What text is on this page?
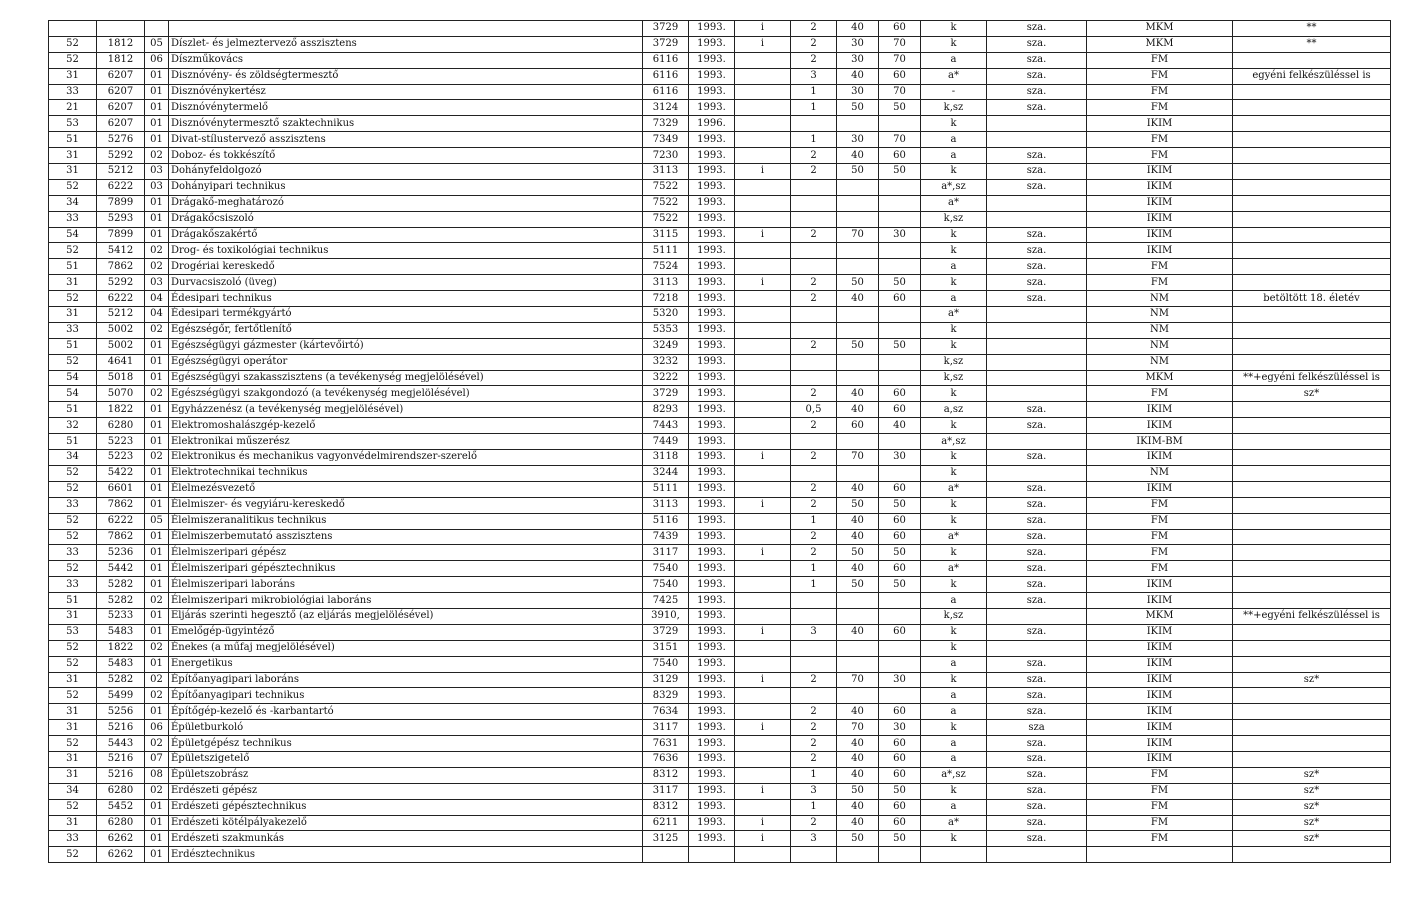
				3729	1993.	i	2	40	60	k	sza.	MKM	**
52	1812	05	Díszlet- és jelmeztervező asszisztens	3729	1993.	i	2	30	70	k	sza.	MKM	**
52	1812	06	Díszműkovács	6116	1993.		2	30	70	a	sza.	FM	
31	6207	01	Disznóvény- és zöldségtermesztő	6116	1993.		3	40	60	a*	sza.	FM	egyéni felkészüléssel is
33	6207	01	Disznóvénykertész	6116	1993.		1	30	70	-	sza.	FM	
21	6207	01	Disznóvénytermelő	3124	1993.		1	50	50	k,sz	sza.	FM	
53	6207	01	Disznóvénytermesztő szaktechnikus	7329	1996.					k		IKIM	
51	5276	01	Divat-stílustervező asszisztens	7349	1993.		1	30	70	a		FM	
31	5292	02	Doboz- és tokkészítő	7230	1993.		2	40	60	a	sza.	FM	
31	5212	03	Dohányfeldolgozó	3113	1993.	i	2	50	50	k	sza.	IKIM	
52	6222	03	Dohányipari technikus	7522	1993.					a*,sz	sza.	IKIM	
34	7899	01	Drágakő-meghatározó	7522	1993.					a*		IKIM	
33	5293	01	Drágakőcsiszoló	7522	1993.					k,sz		IKIM	
54	7899	01	Drágakőszakértő	3115	1993.	i	2	70	30	k	sza.	IKIM	
52	5412	02	Drog- és toxikológiai technikus	5111	1993.					k	sza.	IKIM	
51	7862	02	Drogériai kereskedő	7524	1993.					a	sza.	FM	
31	5292	03	Durvacsiszoló (üveg)	3113	1993.	i	2	50	50	k	sza.	FM	
52	6222	04	Édesipari technikus	7218	1993.		2	40	60	a	sza.	NM	betöltött 18. életév
31	5212	04	Édesipari termékgyártó	5320	1993.					a*		NM	
33	5002	02	Egészségőr, fertőtlenítő	5353	1993.					k		NM	
51	5002	01	Egészségügyi gázmester (kártevőirtó)	3249	1993.		2	50	50	k		NM	
52	4641	01	Egészségügyi operátor	3232	1993.					k,sz		NM	
54	5018	01	Egészségügyi szakasszisztens (a tevékenység megjelölésével)	3222	1993.					k,sz		MKM	**+egyéni felkészüléssel is
54	5070	02	Egészségügyi szakgondozó (a tevékenység megjelölésével)	3729	1993.		2	40	60	k		FM	sz*
51	1822	01	Egyházzenész (a tevékenység megjelölésével)	8293	1993.		0,5	40	60	a,sz	sza.	IKIM	
32	6280	01	Elektromoshalászgép-kezelő	7443	1993.		2	60	40	k	sza.	IKIM	
51	5223	01	Elektronikai műszerész	7449	1993.					a*,sz		IKIM-BM	
34	5223	02	Elektronikus és mechanikus vagyonvédelmirendszer-szerelő	3118	1993.	i	2	70	30	k	sza.	IKIM	
52	5422	01	Elektrotechnikai technikus	3244	1993.					k		NM	
52	6601	01	Élelmezésvezető	5111	1993.		2	40	60	a*	sza.	IKIM	
33	7862	01	Élelmiszer- és vegyiáru-kereskedő	3113	1993.	i	2	50	50	k	sza.	FM	
52	6222	05	Élelmiszeranalitikus technikus	5116	1993.		1	40	60	k	sza.	FM	
52	7862	01	Élelmiszerbemutató asszisztens	7439	1993.		2	40	60	a*	sza.	FM	
33	5236	01	Élelmiszeripari gépész	3117	1993.	i	2	50	50	k	sza.	FM	
52	5442	01	Élelmiszeripari gépésztechnikus	7540	1993.		1	40	60	a*	sza.	FM	
33	5282	01	Élelmiszeripari laboráns	7540	1993.		1	50	50	k	sza.	IKIM	
51	5282	02	Élelmiszeripari mikrobiológiai laboráns	7425	1993.					a	sza.	IKIM	
31	5233	01	Eljárás szerinti hegesztő (az eljárás megjelölésével)	3910,	1993.					k,sz		MKM	**+egyéni felkészüléssel is
53	5483	01	Emelőgép-ügyintéző	3729	1993.	i	3	40	60	k	sza.	IKIM	
52	1822	02	Énekes (a műfaj megjelölésével)	3151	1993.					k		IKIM	
52	5483	01	Energetikus	7540	1993.					a	sza.	IKIM	
31	5282	02	Építőanyagipari laboráns	3129	1993.	i	2	70	30	k	sza.	IKIM	sz*
52	5499	02	Építőanyagipari technikus	8329	1993.					a	sza.	IKIM	
31	5256	01	Építőgép-kezelő és -karbantartó	7634	1993.		2	40	60	a	sza.	IKIM	
31	5216	06	Épületburkoló	3117	1993.	i	2	70	30	k	sza	IKIM	
52	5443	02	Épületgépész technikus	7631	1993.		2	40	60	a	sza.	IKIM	
31	5216	07	Épületszigetelő	7636	1993.		2	40	60	a	sza.	IKIM	
31	5216	08	Épületszobrász	8312	1993.		1	40	60	a*,sz	sza.	FM	sz*
34	6280	02	Erdészeti gépész	3117	1993.	i	3	50	50	k	sza.	FM	sz*
52	5452	01	Erdészeti gépésztechnikus	8312	1993.		1	40	60	a	sza.	FM	sz*
31	6280	01	Erdészeti kötélpályakezelő	6211	1993.	i	2	40	60	a*	sza.	FM	sz*
33	6262	01	Erdészeti szakmunkás	3125	1993.	i	3	50	50	k	sza.	FM	sz*
52	6262	01	Erdésztechnikus										
